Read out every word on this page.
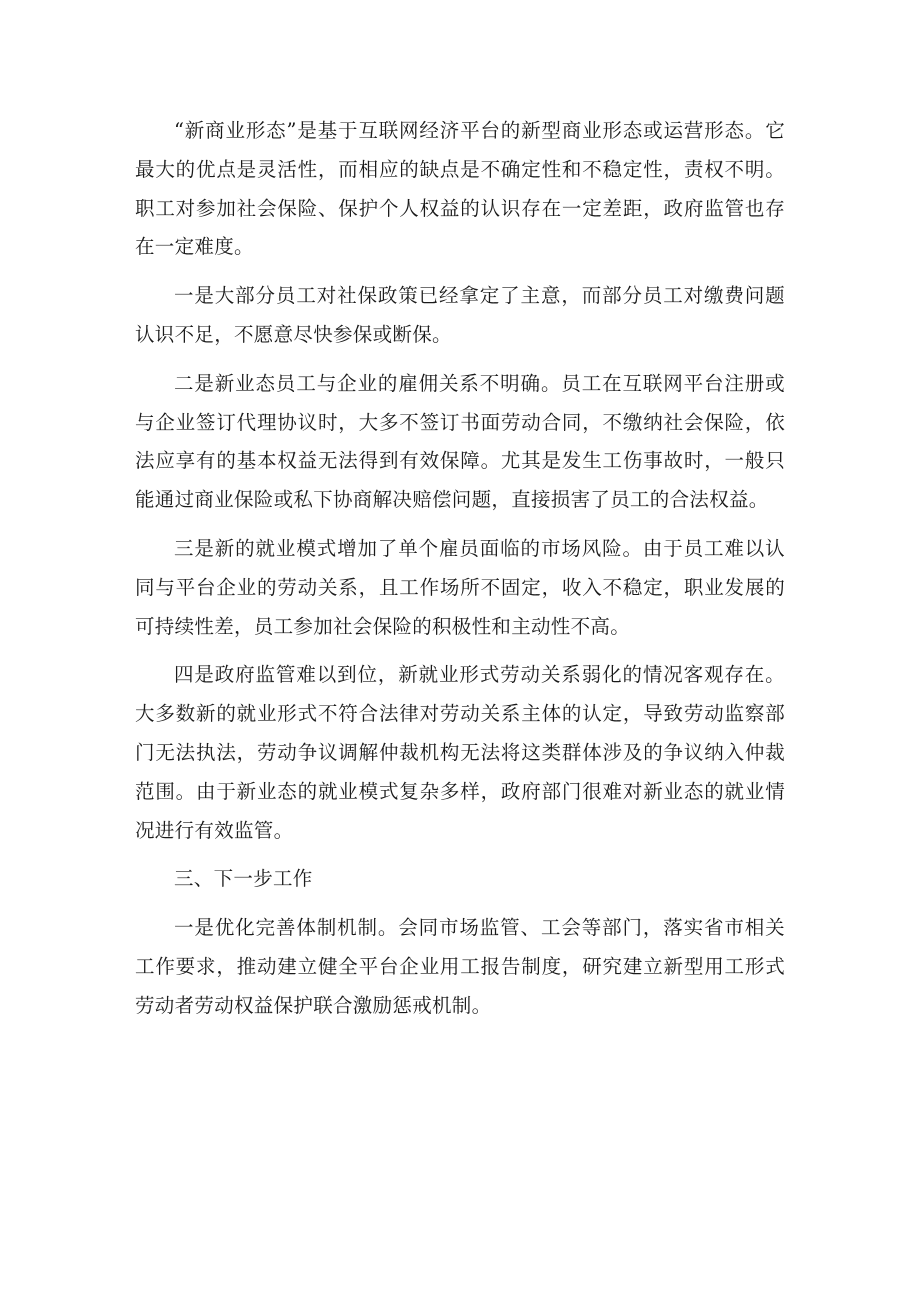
“新商业形态”是基于互联网经济平台的新型商业形态或运营形态。它最大的优点是灵活性，而相应的缺点是不确定性和不稳定性，责权不明。职工对参加社会保险、保护个人权益的认识存在一定差距，政府监管也存在一定难度。

一是大部分员工对社保政策已经拿定了主意，而部分员工对缴费问题认识不足，不愿意尽快参保或断保。

二是新业态员工与企业的雇佣关系不明确。员工在互联网平台注册或与企业签订代理协议时，大多不签订书面劳动合同，不缴纳社会保险，依法应享有的基本权益无法得到有效保障。尤其是发生工伤事故时，一般只能通过商业保险或私下协商解决赔偿问题，直接损害了员工的合法权益。

三是新的就业模式增加了单个雇员面临的市场风险。由于员工难以认同与平台企业的劳动关系，且工作场所不固定，收入不稳定，职业发展的可持续性差，员工参加社会保险的积极性和主动性不高。

四是政府监管难以到位，新就业形式劳动关系弱化的情况客观存在。大多数新的就业形式不符合法律对劳动关系主体的认定，导致劳动监察部门无法执法，劳动争议调解仲裁机构无法将这类群体涉及的争议纳入仲裁范围。由于新业态的就业模式复杂多样，政府部门很难对新业态的就业情况进行有效监管。

三、下一步工作

一是优化完善体制机制。会同市场监管、工会等部门，落实省市相关工作要求，推动建立健全平台企业用工报告制度，研究建立新型用工形式劳动者劳动权益保护联合激励惩戒机制。
